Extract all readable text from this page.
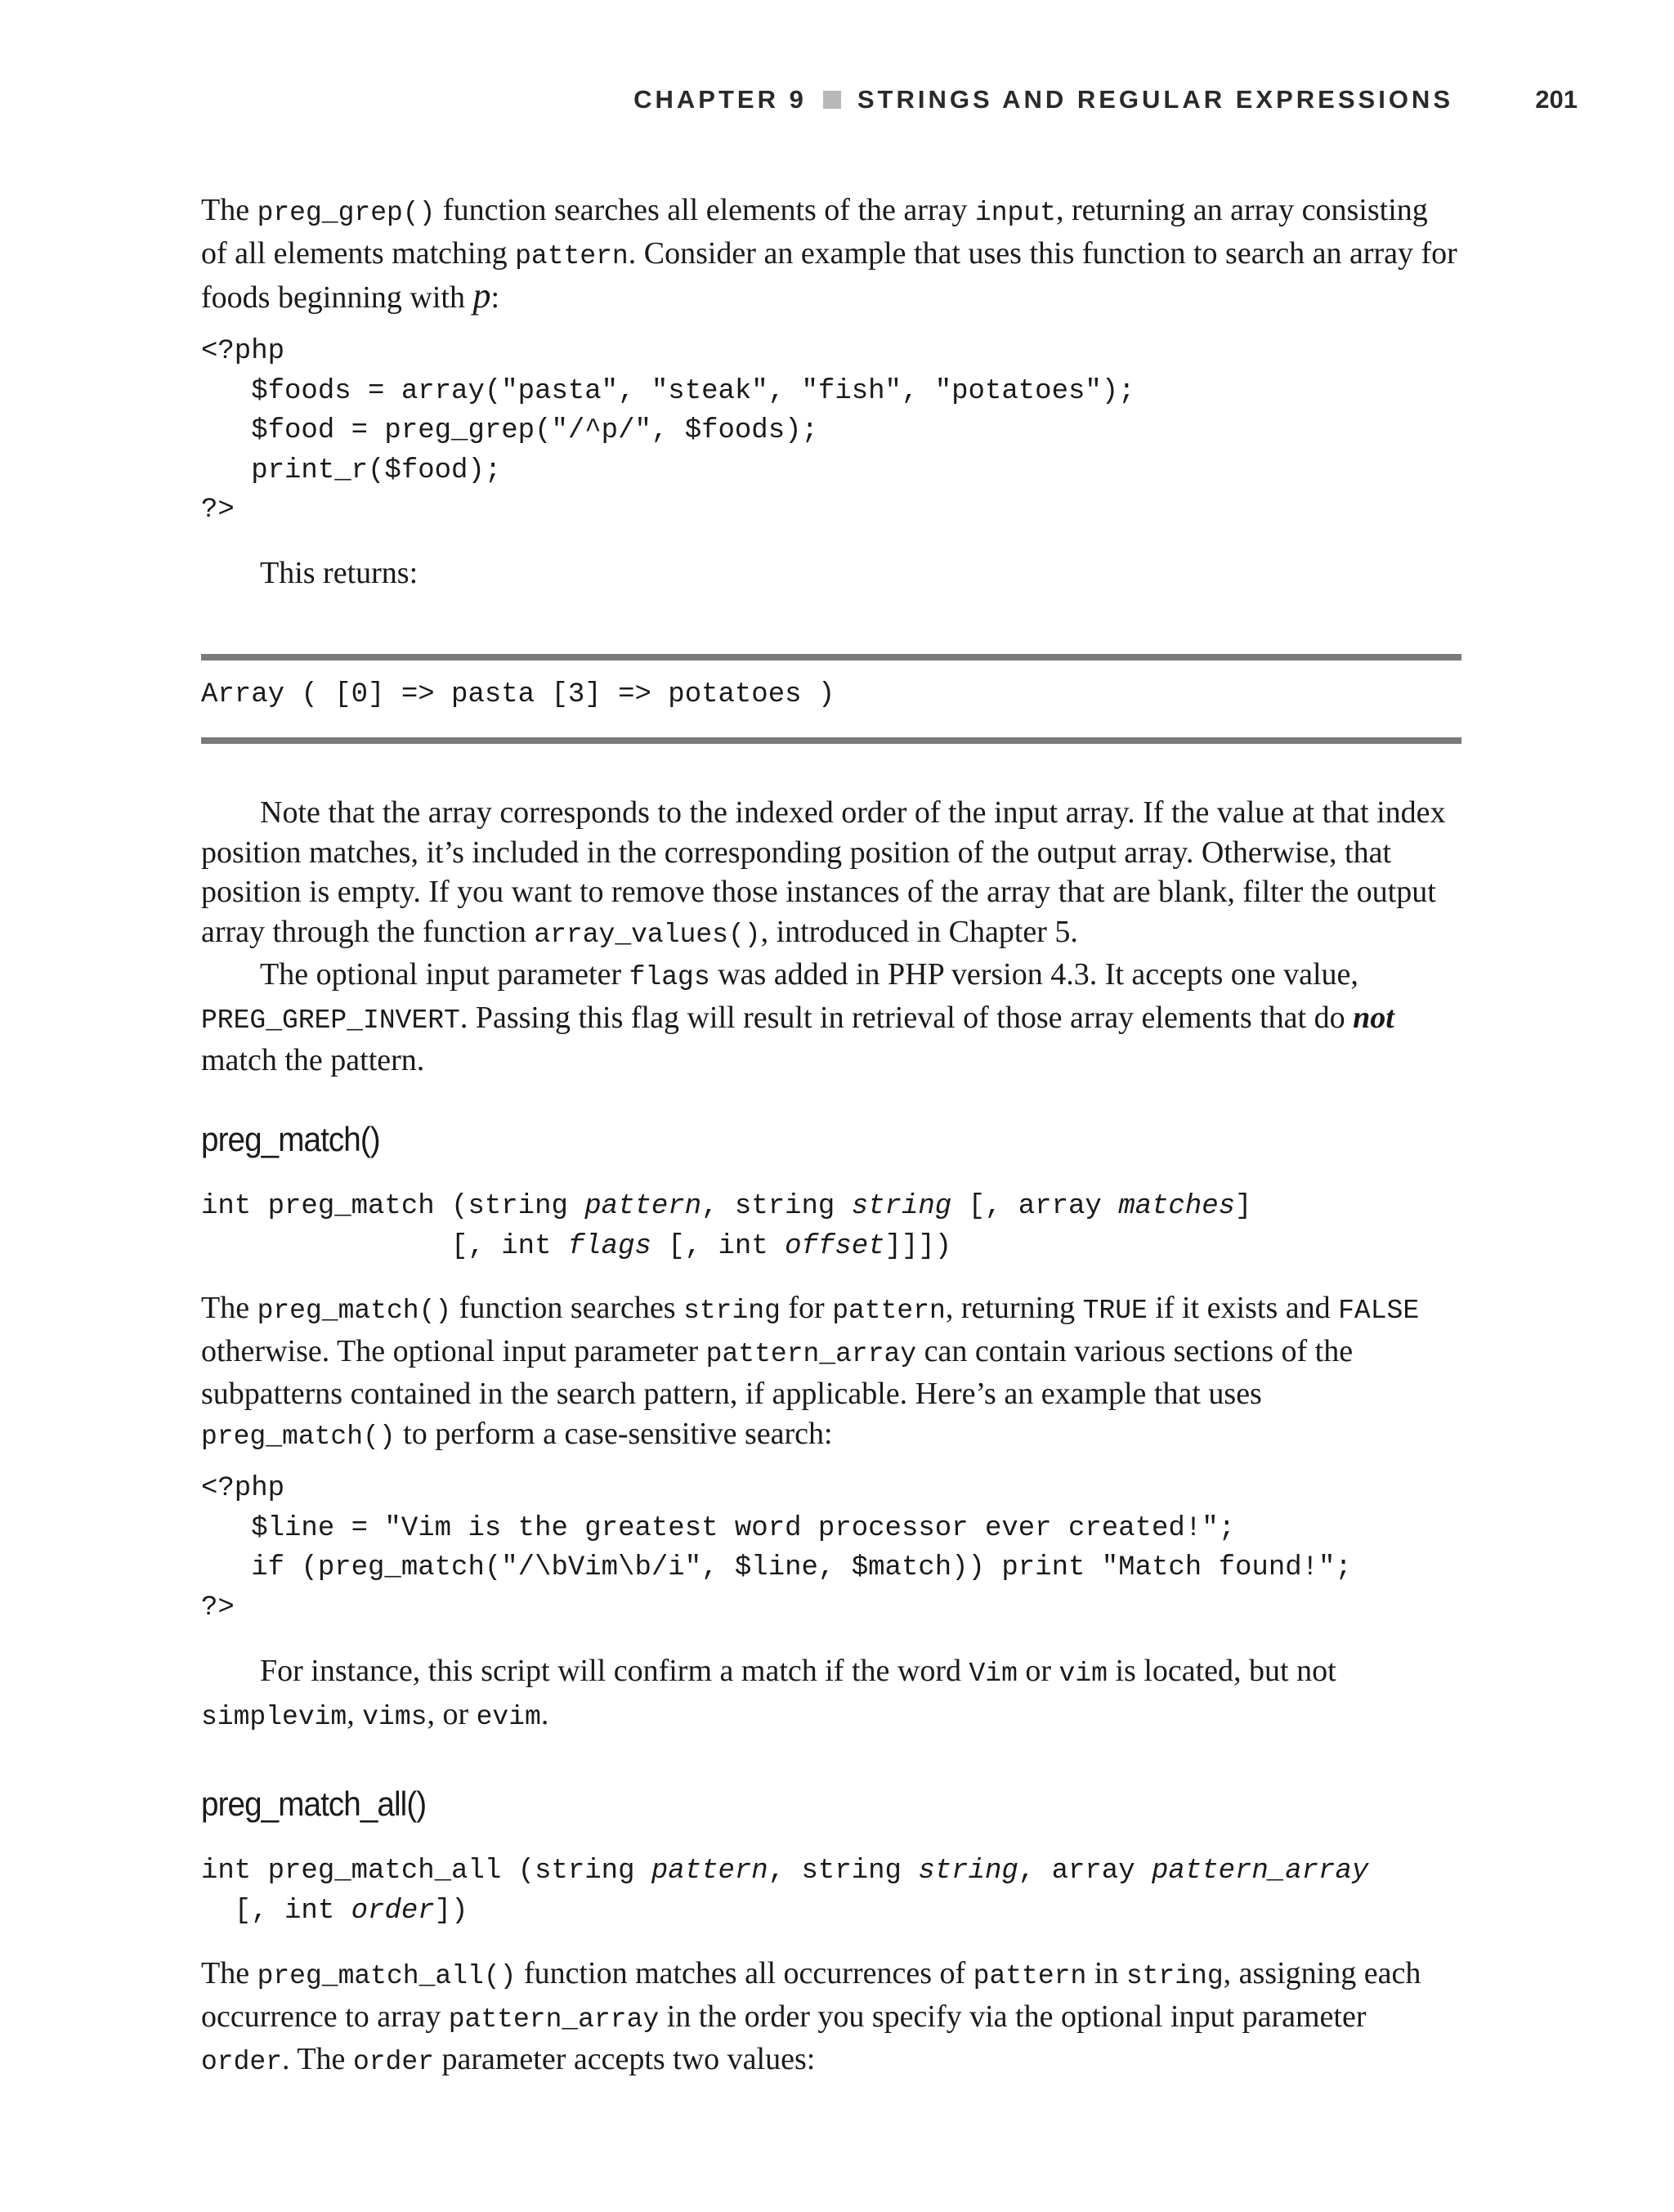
CHAPTER 9 STRINGS AND REGULAR EXPRESSIONS	201

The preg_grep() function searches all elements of the array input, returning an array consisting of all elements matching pattern. Consider an example that uses this function to search an array for foods beginning with p:

<?php
$foods = array("pasta", "steak", "fish", "potatoes");
$food = preg_grep("/^p/", $foods);
print_r($food);
?>

This returns:

Array ( [0] => pasta [3] => potatoes )

Note that the array corresponds to the indexed order of the input array. If the value at that index position matches, it’s included in the corresponding position of the output array. Otherwise, that position is empty. If you want to remove those instances of the array that are blank, filter the output array through the function array_values(), introduced in Chapter 5.

The optional input parameter flags was added in PHP version 4.3. It accepts one value, PREG_GREP_INVERT. Passing this flag will result in retrieval of those array elements that do not match the pattern.

preg_match()
int preg_match (string pattern, string string [, array matches]
[, int flags [, int offset]]])

The preg_match() function searches string for pattern, returning TRUE if it exists and FALSE otherwise. The optional input parameter pattern_array can contain various sections of the subpatterns contained in the search pattern, if applicable. Here’s an example that uses preg_match() to perform a case-sensitive search:

<?php
$line = "Vim is the greatest word processor ever created!";
if (preg_match("/\bVim\b/i", $line, $match)) print "Match found!";
?>

For instance, this script will confirm a match if the word Vim or vim is located, but not simplevim, vims, or evim.

preg_match_all()
int preg_match_all (string pattern, string string, array pattern_array
[, int order])

The preg_match_all() function matches all occurrences of pattern in string, assigning each occurrence to array pattern_array in the order you specify via the optional input parameter order. The order parameter accepts two values:
